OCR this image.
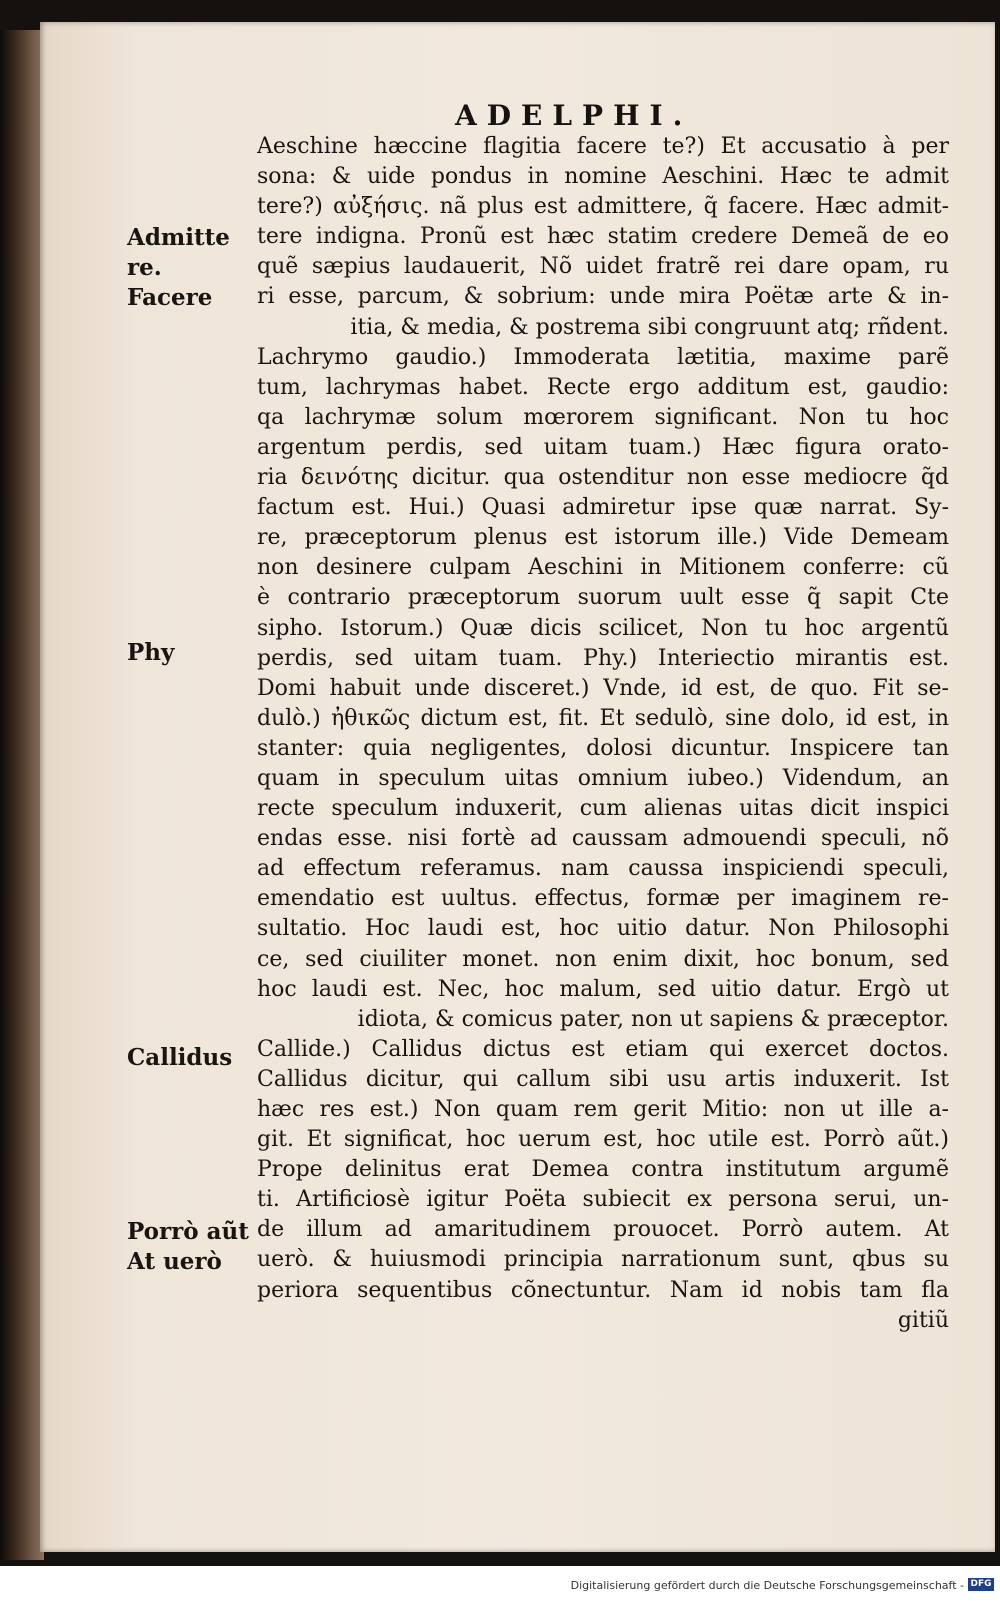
ADELPHI.
Admitte
re.
Facere
Phy
Callidus
Porrò aũt
At uerò
Aeschine hæccine flagitia facere te?) Et accusatio à per
sona: & uide pondus in nomine Aeschini. Hæc te admit
tere?) αὐξήσις. nã plus est admittere, q̃ facere. Hæc admit-
tere indigna. Pronũ est hæc statim credere Demeã de eo
quẽ sæpius laudauerit, Nõ uidet fratrẽ rei dare opam, ru
ri esse, parcum, & sobrium: unde mira Poëtæ arte & in-
itia, & media, & postrema sibi congruunt atq; rñdent.
Lachrymo gaudio.) Immoderata lætitia, maxime parẽ
tum, lachrymas habet. Recte ergo additum est, gaudio:
qa lachrymæ solum mœrorem significant. Non tu hoc
argentum perdis, sed uitam tuam.) Hæc figura orato-
ria δεινότης dicitur. qua ostenditur non esse mediocre q̃d
factum est. Hui.) Quasi admiretur ipse quæ narrat. Sy-
re, præceptorum plenus est istorum ille.) Vide Demeam
non desinere culpam Aeschini in Mitionem conferre: cũ
è contrario præceptorum suorum uult esse q̃ sapit Cte
sipho. Istorum.) Quæ dicis scilicet, Non tu hoc argentũ
perdis, sed uitam tuam. Phy.) Interiectio mirantis est.
Domi habuit unde disceret.) Vnde, id est, de quo. Fit se-
dulò.) ἠθικῶς dictum est, fit. Et sedulò, sine dolo, id est, in
stanter: quia negligentes, dolosi dicuntur. Inspicere tan
quam in speculum uitas omnium iubeo.) Videndum, an
recte speculum induxerit, cum alienas uitas dicit inspici
endas esse. nisi fortè ad caussam admouendi speculi, nõ
ad effectum referamus. nam caussa inspiciendi speculi,
emendatio est uultus. effectus, formæ per imaginem re-
sultatio. Hoc laudi est, hoc uitio datur. Non Philosophi
ce, sed ciuiliter monet. non enim dixit, hoc bonum, sed
hoc laudi est. Nec, hoc malum, sed uitio datur. Ergò ut
idiota, & comicus pater, non ut sapiens & præceptor.
Callide.) Callidus dictus est etiam qui exercet doctos.
Callidus dicitur, qui callum sibi usu artis induxerit. Ist
hæc res est.) Non quam rem gerit Mitio: non ut ille a-
git. Et significat, hoc uerum est, hoc utile est. Porrò aũt.)
Prope delinitus erat Demea contra institutum argumẽ
ti. Artificiosè igitur Poëta subiecit ex persona serui, un-
de illum ad amaritudinem prouocet. Porrò autem. At
uerò. & huiusmodi principia narrationum sunt, qbus su
periora sequentibus cõnectuntur. Nam id nobis tam fla
gitiũ
Digitalisierung gefördert durch die Deutsche Forschungsgemeinschaft - DFG
